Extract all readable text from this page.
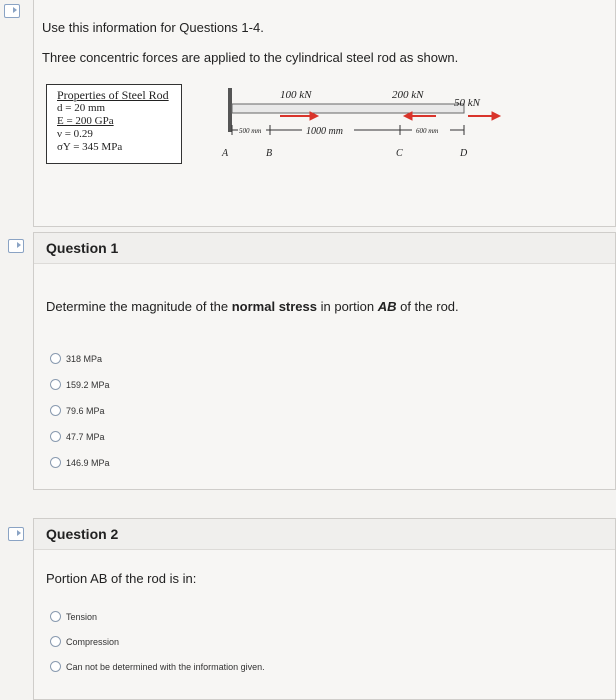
Use this information for Questions 1-4.
Three concentric forces are applied to the cylindrical steel rod as shown.
Properties of Steel Rod
d = 20 mm
E = 200 GPa
ν = 0.29
σY = 345 MPa
100 kN	200 kN
50 kN
500 mm	1000 mm	600 mm
A	B	C	D
Question 1
Determine the magnitude of the normal stress in portion AB of the rod.
318 MPa
159.2 MPa
79.6 MPa
47.7 MPa
146.9 MPa
Question 2
Portion AB of the rod is in:
Tension
Compression
Can not be determined with the information given.
